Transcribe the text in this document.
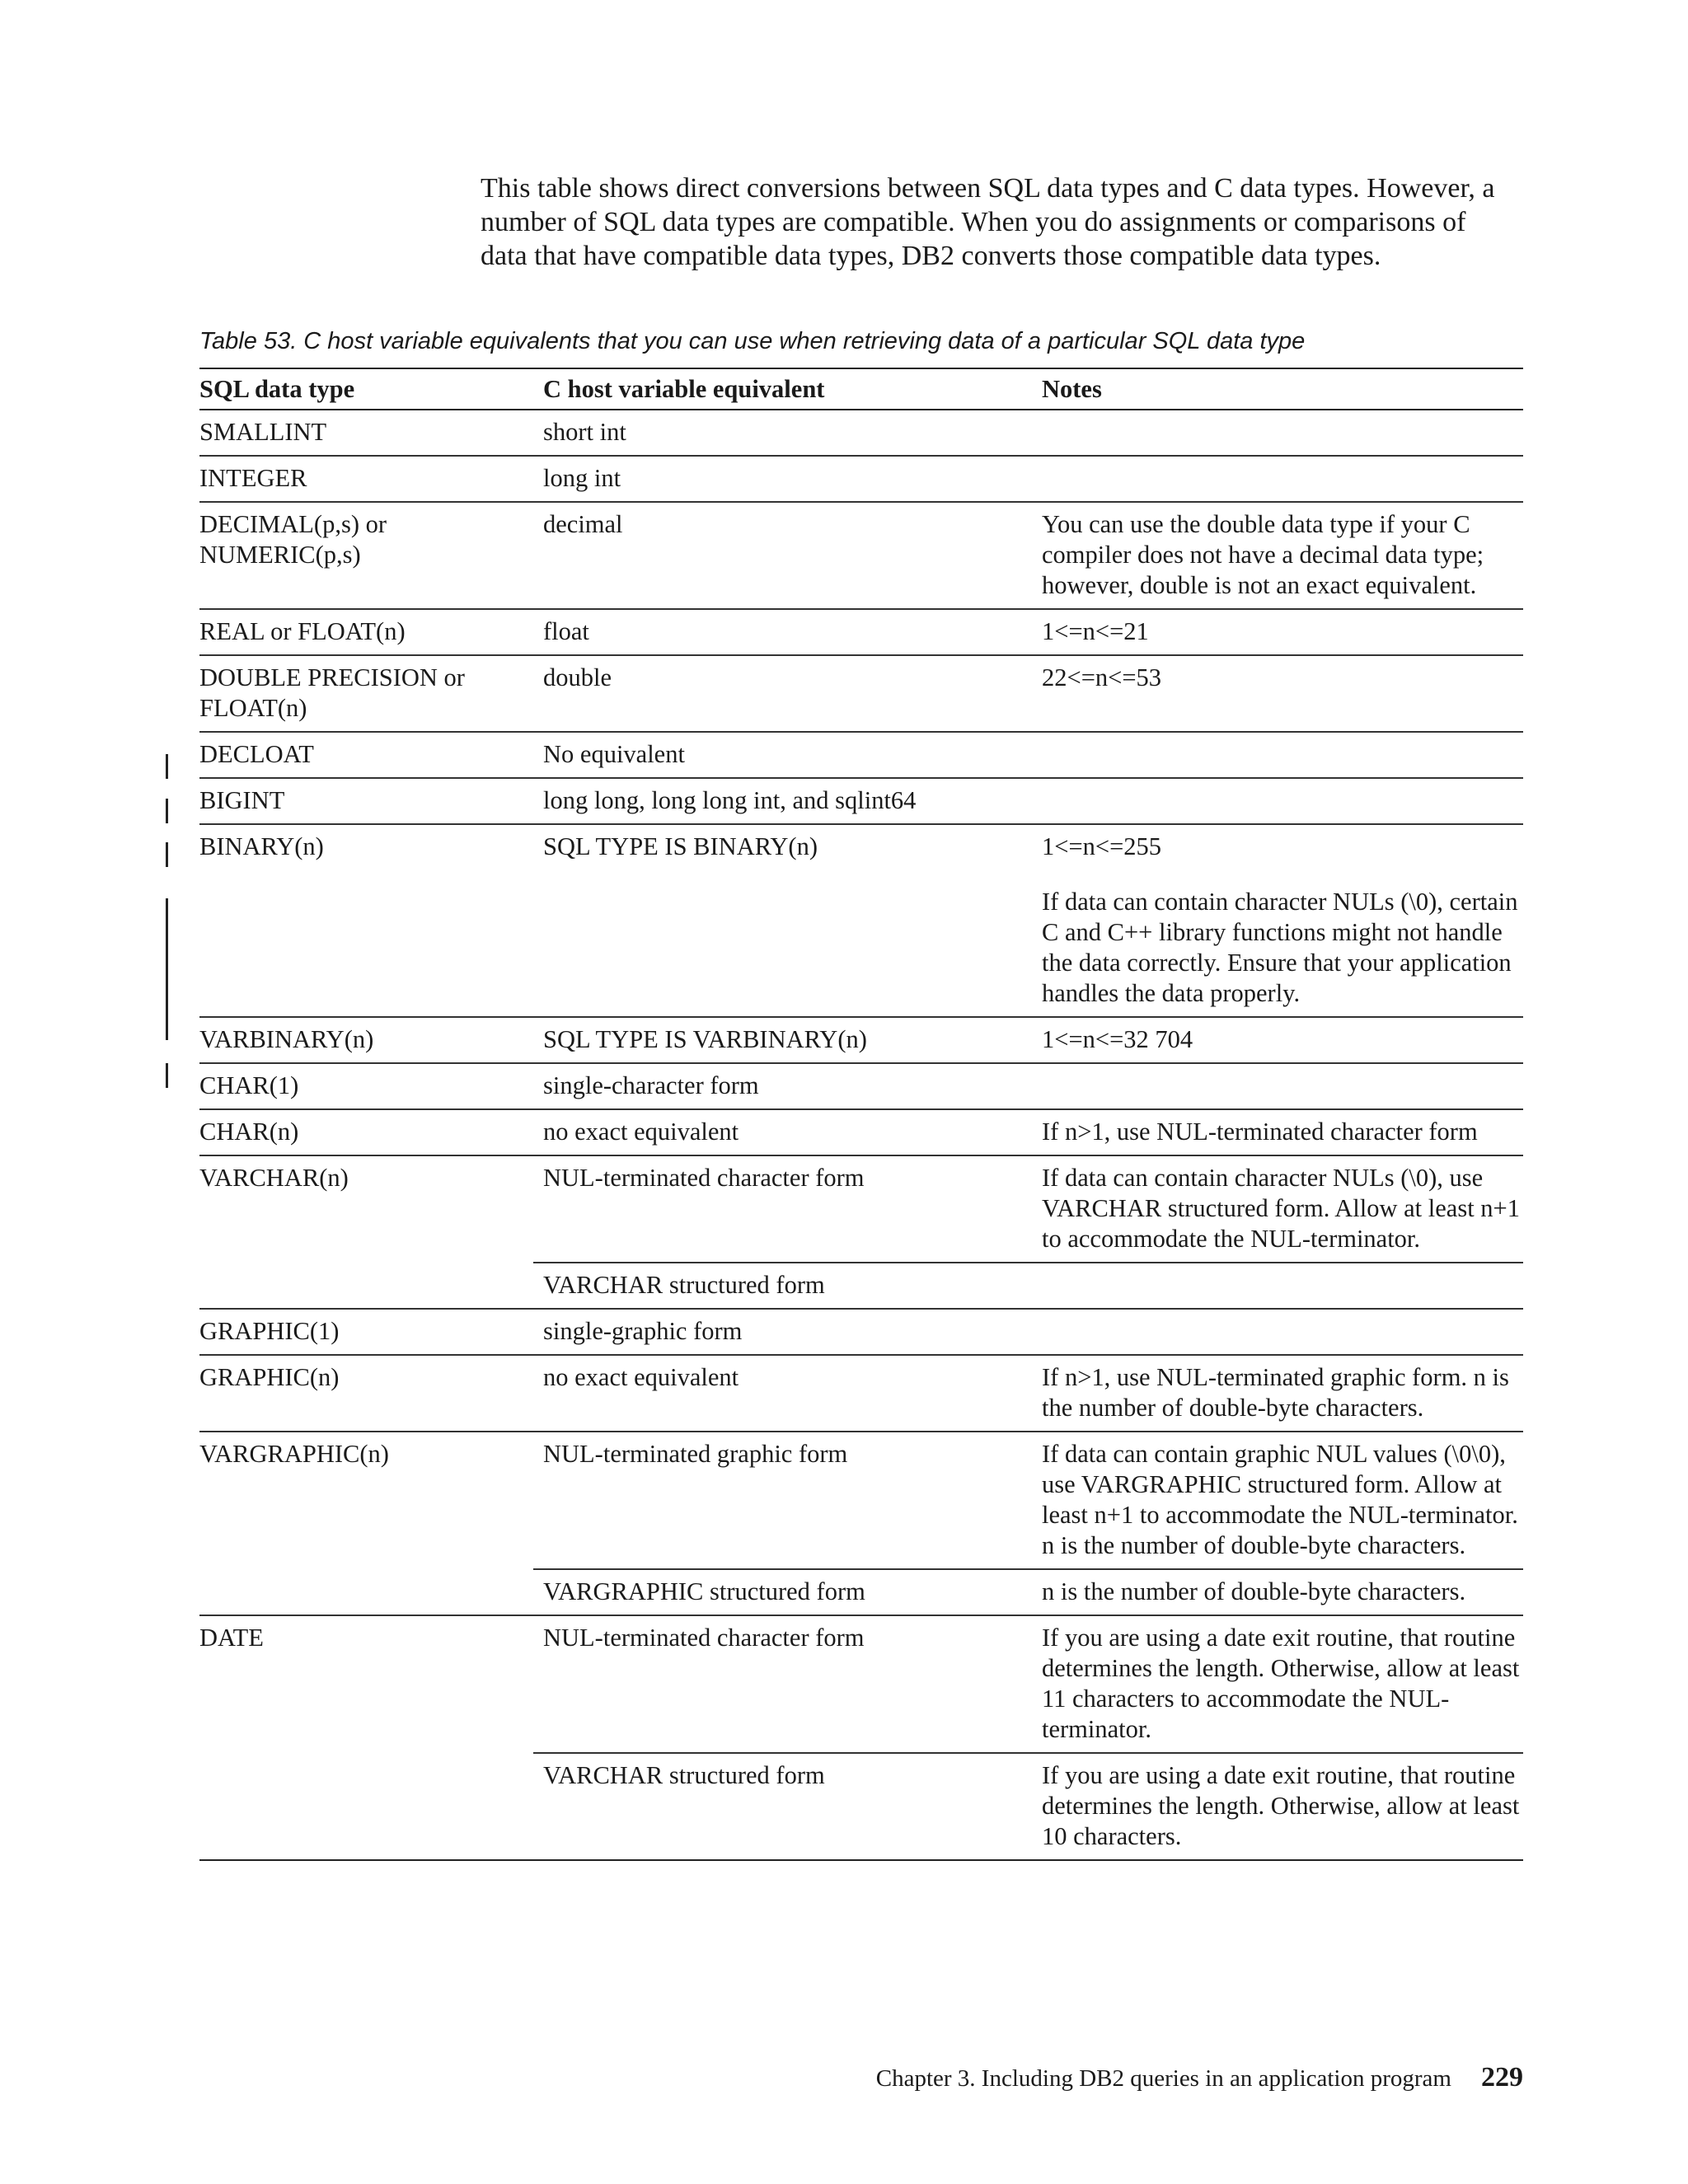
This table shows direct conversions between SQL data types and C data types. However, a number of SQL data types are compatible. When you do assignments or comparisons of data that have compatible data types, DB2 converts those compatible data types.

Table 53. C host variable equivalents that you can use when retrieving data of a particular SQL data type

SQL data type	C host variable equivalent	Notes
SMALLINT	short int	
INTEGER	long int	
DECIMAL(p,s) or NUMERIC(p,s)	decimal	You can use the double data type if your C compiler does not have a decimal data type; however, double is not an exact equivalent.
REAL or FLOAT(n)	float	1<=n<=21
DOUBLE PRECISION or FLOAT(n)	double	22<=n<=53
DECLOAT	No equivalent	
BIGINT	long long, long long int, and sqlint64	
BINARY(n)	SQL TYPE IS BINARY(n)	1<=n<=255
If data can contain character NULs (\0), certain C and C++ library functions might not handle the data correctly. Ensure that your application handles the data properly.

VARBINARY(n)	SQL TYPE IS VARBINARY(n)	1<=n<=32 704
CHAR(1)	single-character form	
CHAR(n)	no exact equivalent	If n>1, use NUL-terminated character form
VARCHAR(n)	NUL-terminated character form	If data can contain character NULs (\0), use VARCHAR structured form. Allow at least n+1 to accommodate the NUL-terminator.
	VARCHAR structured form	
GRAPHIC(1)	single-graphic form	
GRAPHIC(n)	no exact equivalent	If n>1, use NUL-terminated graphic form. n is the number of double-byte characters.
VARGRAPHIC(n)	NUL-terminated graphic form	If data can contain graphic NUL values (\0\0), use VARGRAPHIC structured form. Allow at least n+1 to accommodate the NUL-terminator. n is the number of double-byte characters.
	VARGRAPHIC structured form	n is the number of double-byte characters.
DATE	NUL-terminated character form	If you are using a date exit routine, that routine determines the length. Otherwise, allow at least 11 characters to accommodate the NUL-terminator.
	VARCHAR structured form	If you are using a date exit routine, that routine determines the length. Otherwise, allow at least 10 characters.
Chapter 3. Including DB2 queries in an application program 229
